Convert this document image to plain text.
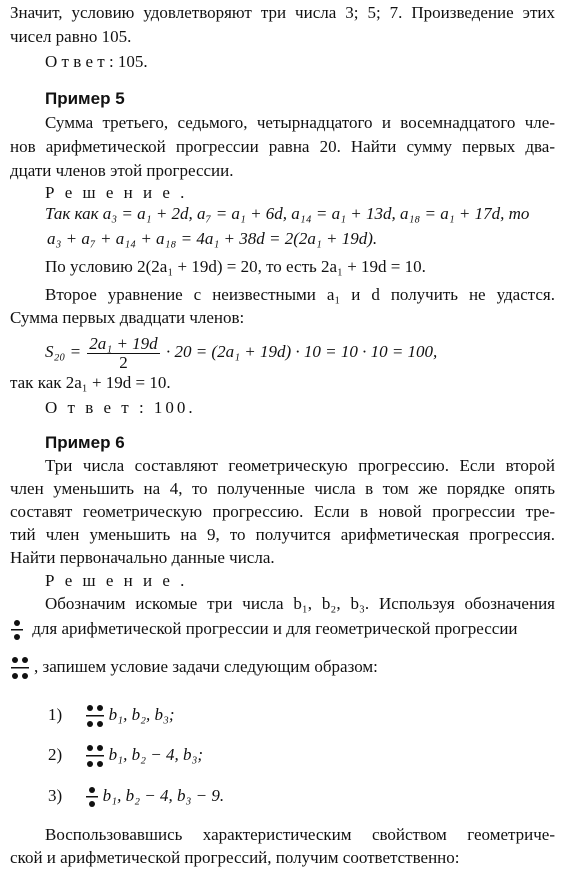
Значит, условию удовлетворяют три числа 3; 5; 7. Произведение этих
чисел равно 105.
О т в е т : 105.
Пример 5
Сумма третьего, седьмого, четырнадцатого и восемнадцатого чле-
нов арифметической прогрессии равна 20. Найти сумму первых два-
дцати членов этой прогрессии.
Р е ш е н и е .
Так как a₃ = a₁ + 2d, a₇ = a₁ + 6d, a₁₄ = a₁ + 13d, a₁₈ = a₁ + 17d, то
a₃ + a₇ + a₁₄ + a₁₈ = 4a₁ + 38d = 2(2a₁ + 19d).
По условию 2(2a₁ + 19d) = 20, то есть 2a₁ + 19d = 10.
Второе уравнение с неизвестными a₁ и d получить не удастся.
Сумма первых двадцати членов:
$S_{20} = \frac{\text{2a₁ + 19d}}{2} \cdot 20 = (2a_1 + 19d) \cdot 10 = 10 \cdot 10 = 100$,
так как 2a₁ + 19d = 10.
О т в е т : 100.
Пример 6
Три числа составляют геометрическую прогрессию. Если второй
член уменьшить на 4, то полученные числа в том же порядке опять
составят геометрическую прогрессию. Если в новой прогрессии тре-
тий член уменьшить на 9, то получится арифметическая прогрессия.
Найти первоначально данные числа.
Р е ш е н и е .
Обозначим искомые три числа b₁, b₂, b₃. Используя обозначения
для арифметической прогрессии и для геометрической прогрессии
, запишем условие задачи следующим образом:
1)	b₁, b₂, b₃;
2)	b₁, b₂ − 4, b₃;
3) b₁, b₂ − 4, b₃ − 9.
Воспользовавшись характеристическим свойством геометриче-
ской и арифметической прогрессий, получим соответственно:
